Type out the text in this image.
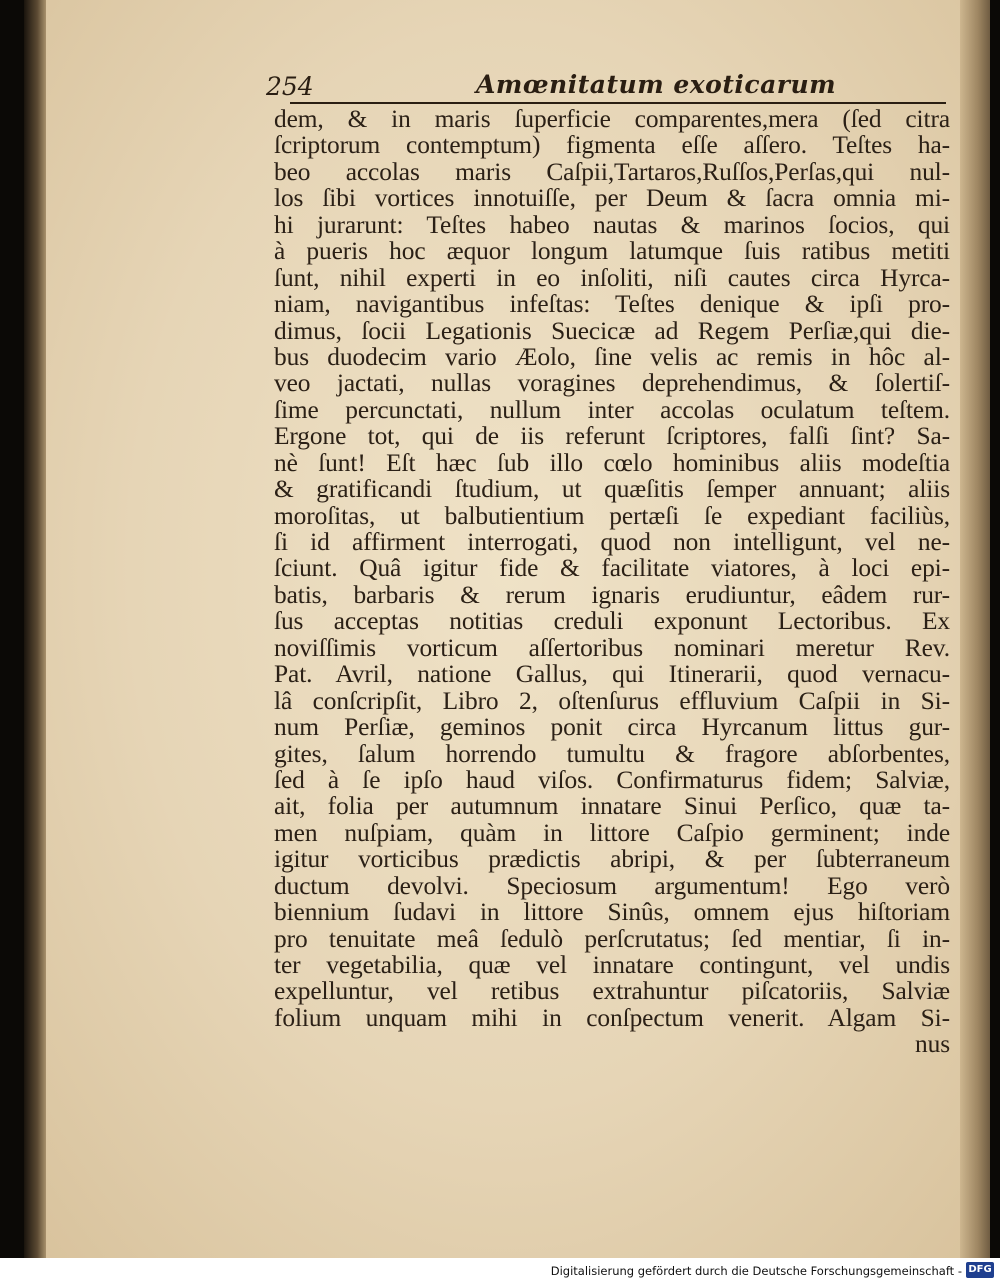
254	Amœnitatum exoticarum
dem, & in maris ſuperficie comparentes,mera (ſed citra
ſcriptorum contemptum) figmenta eſſe aſſero. Teſtes ha-
beo accolas maris Caſpii,Tartaros,Ruſſos,Perſas,qui nul-
los ſibi vortices innotuiſſe, per Deum & ſacra omnia mi-
hi jurarunt: Teſtes habeo nautas & marinos ſocios, qui
à pueris hoc æquor longum latumque ſuis ratibus metiti
ſunt, nihil experti in eo inſoliti, niſi cautes circa Hyrca-
niam, navigantibus infeſtas: Teſtes denique & ipſi pro-
dimus, ſocii Legationis Suecicæ ad Regem Perſiæ,qui die-
bus duodecim vario Æolo, ſine velis ac remis in hôc al-
veo jactati, nullas voragines deprehendimus, & ſolertiſ-
ſime percunctati, nullum inter accolas oculatum teſtem.
Ergone tot, qui de iis referunt ſcriptores, falſi ſint? Sa-
nè ſunt! Eſt hæc ſub illo cœlo hominibus aliis modeſtia
& gratificandi ſtudium, ut quæſitis ſemper annuant; aliis
moroſitas, ut balbutientium pertæſi ſe expediant faciliùs,
ſi id affirment interrogati, quod non intelligunt, vel ne-
ſciunt. Quâ igitur fide & facilitate viatores, à loci epi-
batis, barbaris & rerum ignaris erudiuntur, eâdem rur-
ſus acceptas notitias creduli exponunt Lectoribus. Ex
noviſſimis vorticum aſſertoribus nominari meretur Rev.
Pat. Avril, natione Gallus, qui Itinerarii, quod vernacu-
lâ conſcripſit, Libro 2, oſtenſurus effluvium Caſpii in Si-
num Perſiæ, geminos ponit circa Hyrcanum littus gur-
gites, ſalum horrendo tumultu & fragore abſorbentes,
ſed à ſe ipſo haud viſos. Confirmaturus fidem; Salviæ,
ait, folia per autumnum innatare Sinui Perſico, quæ ta-
men nuſpiam, quàm in littore Caſpio germinent; inde
igitur vorticibus prædictis abripi, & per ſubterraneum
ductum devolvi. Speciosum argumentum! Ego verò
biennium ſudavi in littore Sinûs, omnem ejus hiſtoriam
pro tenuitate meâ ſedulò perſcrutatus; ſed mentiar, ſi in-
ter vegetabilia, quæ vel innatare contingunt, vel undis
expelluntur, vel retibus extrahuntur piſcatoriis, Salviæ
folium unquam mihi in conſpectum venerit. Algam Si-
nus
Digitalisierung gefördert durch die Deutsche Forschungsgemeinschaft - DFG
